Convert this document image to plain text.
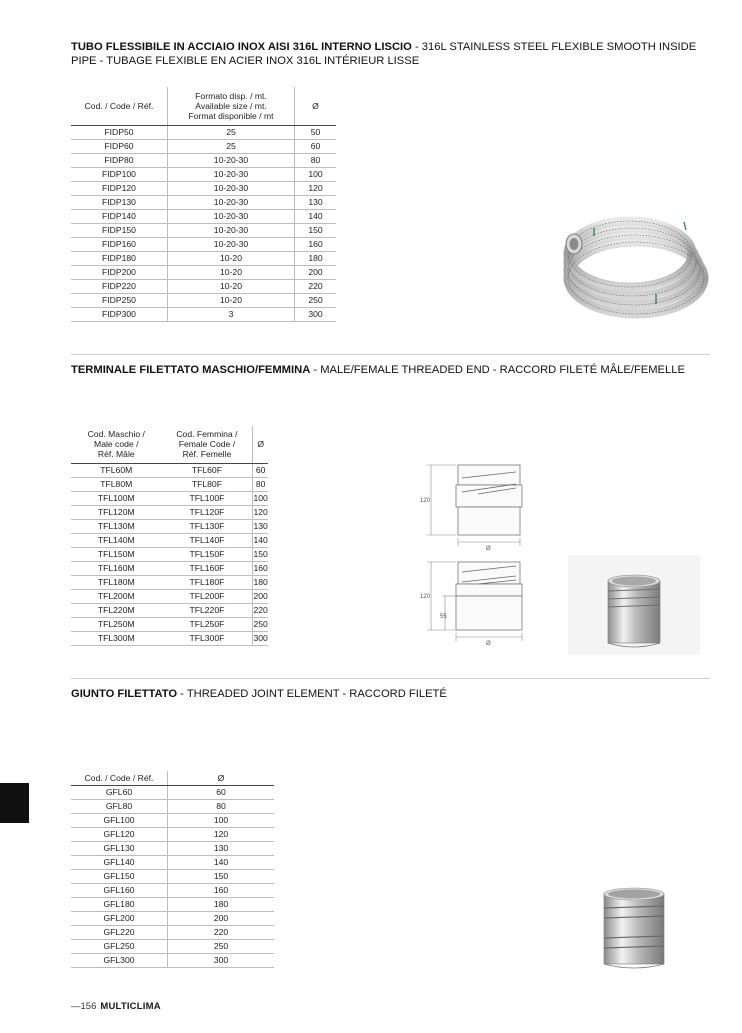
TUBO FLESSIBILE IN ACCIAIO INOX AISI 316L INTERNO LISCIO - 316L STAINLESS STEEL FLEXIBLE SMOOTH INSIDE PIPE - TUBAGE FLEXIBLE EN ACIER INOX 316L INTÉRIEUR LISSE
Cod. / Code / Réf.	Formato disp. / mt.
Available size / mt.
Format disponible / mt	Ø
FIDP50	25	50
FIDP60	25	60
FIDP80	10-20-30	80
FIDP100	10-20-30	100
FIDP120	10-20-30	120
FIDP130	10-20-30	130
FIDP140	10-20-30	140
FIDP150	10-20-30	150
FIDP160	10-20-30	160
FIDP180	10-20	180
FIDP200	10-20	200
FIDP220	10-20	220
FIDP250	10-20	250
FIDP300	3	300
TERMINALE FILETTATO MASCHIO/FEMMINA - MALE/FEMALE THREADED END - RACCORD FILETÉ MÂLE/FEMELLE
Cod. Maschio /
Male code /
Réf. Mâle	Cod. Femmina /
Female Code /
Réf. Femelle	Ø
TFL60M	TFL60F	60
TFL80M	TFL80F	80
TFL100M	TFL100F	100
TFL120M	TFL120F	120
TFL130M	TFL130F	130
TFL140M	TFL140F	140
TFL150M	TFL150F	150
TFL160M	TFL160F	160
TFL180M	TFL180F	180
TFL200M	TFL200F	200
TFL220M	TFL220F	220
TFL250M	TFL250F	250
TFL300M	TFL300F	300
120
Ø
120
55
Ø
GIUNTO FILETTATO - THREADED JOINT ELEMENT - RACCORD FILETÉ
Cod. / Code / Réf.	Ø
GFL60	60
GFL80	80
GFL100	100
GFL120	120
GFL130	130
GFL140	140
GFL150	150
GFL160	160
GFL180	180
GFL200	200
GFL220	220
GFL250	250
GFL300	300
—156 MULTICLIMA
